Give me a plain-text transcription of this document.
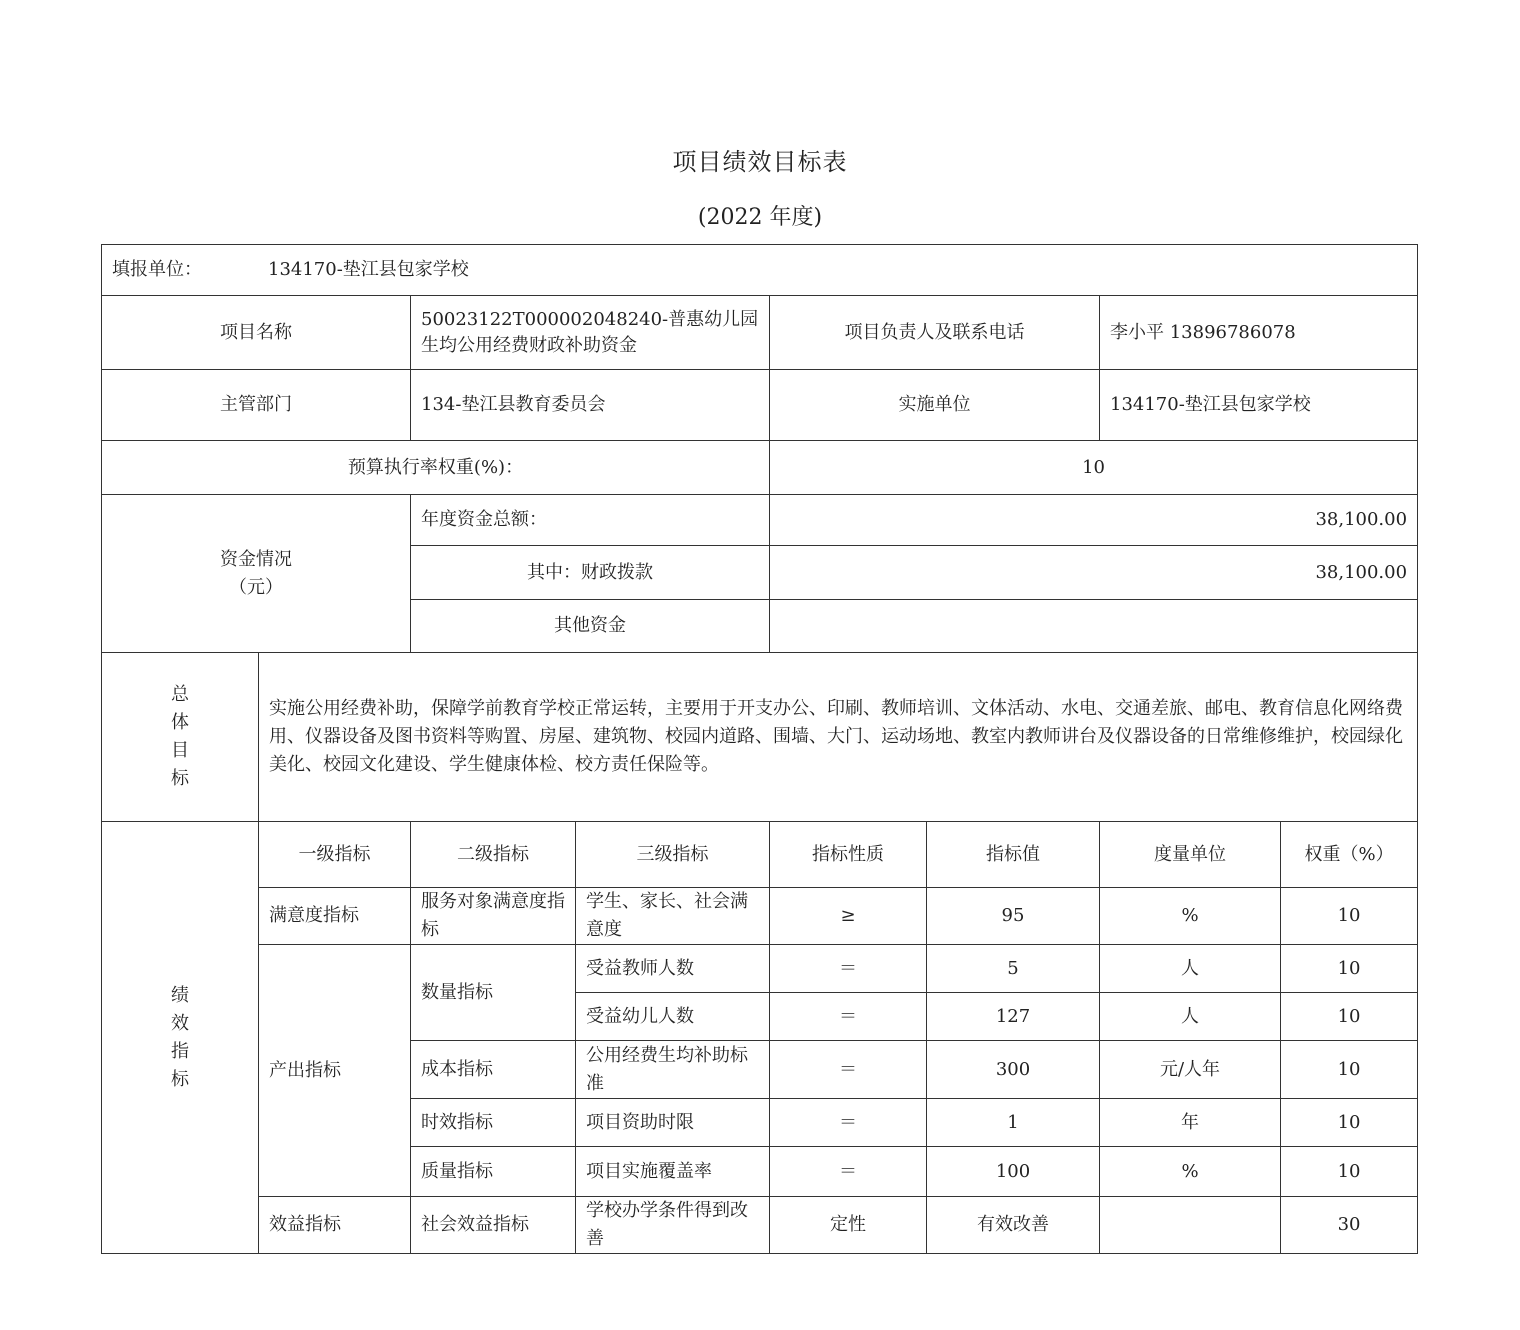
项目绩效目标表
(2022 年度)
填报单位： 134170-垫江县包家学校							
项目名称		50023122T000002048240-普惠幼儿园生均公用经费财政补助资金		项目负责人及联系电话		李小平 13896786078	
主管部门		134-垫江县教育委员会		实施单位		134170-垫江县包家学校	
预算执行率权重(%)：				10			

资金情况
（元）		年度资金总额：		38,100.00			
		其中：财政拨款		38,100.00			
		其他资金					

总
体
目
标	实施公用经费补助，保障学前教育学校正常运转，主要用于开支办公、印刷、教师培训、文体活动、水电、交通差旅、邮电、教育信息化网络费用、仪器设备及图书资料等购置、房屋、建筑物、校园内道路、围墙、大门、运动场地、教室内教师讲台及仪器设备的日常维修维护，校园绿化美化、校园文化建设、学生健康体检、校方责任保险等。						

绩
效
指
标	一级指标	二级指标	三级指标	指标性质	指标值	度量单位	权重（%）
	满意度指标	服务对象满意度指标	学生、家长、社会满意度	≥	95	%	10
	产出指标	数量指标	受益教师人数	＝	5	人	10
			受益幼儿人数	＝	127	人	10
		成本指标	公用经费生均补助标准	＝	300	元/人年	10
		时效指标	项目资助时限	＝	1	年	10
		质量指标	项目实施覆盖率	＝	100	%	10
	效益指标	社会效益指标	学校办学条件得到改善	定性	有效改善		30
